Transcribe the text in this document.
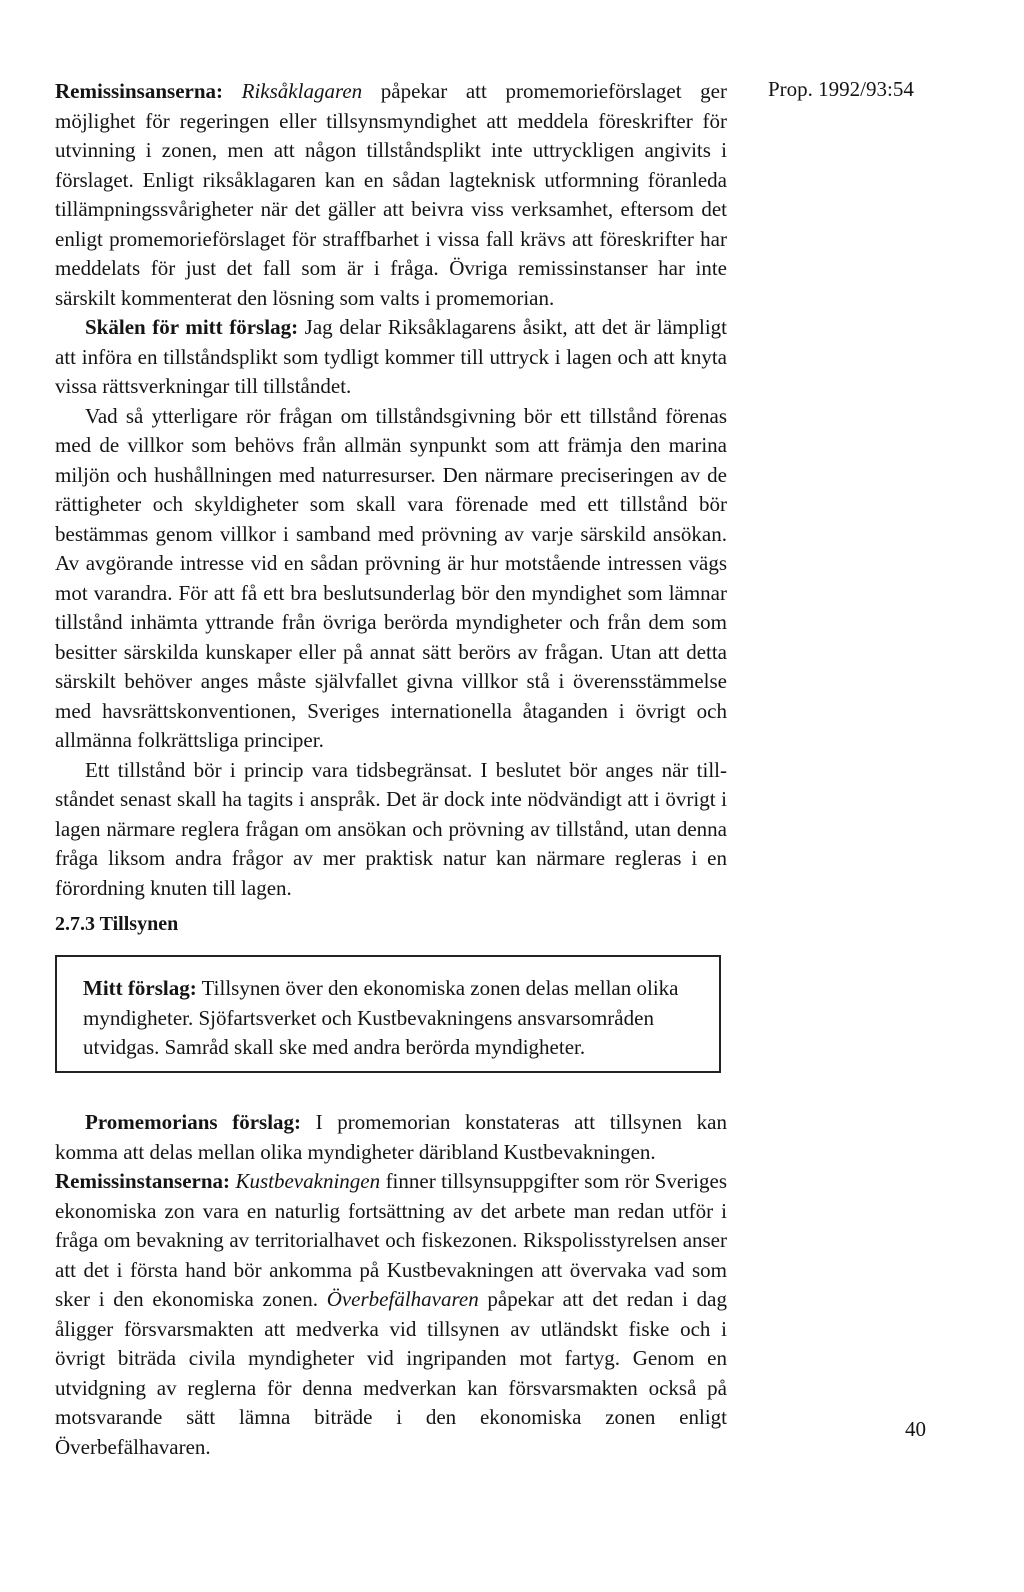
Prop. 1992/93:54

Remissinsanserna: Riksåklagaren påpekar att promemorieförslaget ger möjlighet för regeringen eller tillsynsmyndighet att meddela föreskrifter för utvinning i zonen, men att någon tillståndsplikt inte uttryckligen angivits i förslaget. Enligt riksåklagaren kan en sådan lagteknisk utformning föranleda tillämpningssvårigheter när det gäller att beivra viss verksamhet, eftersom det enligt promemorieförslaget för straffbarhet i vissa fall krävs att föreskrifter har meddelats för just det fall som är i fråga. Övriga remissinstanser har inte särskilt kommenterat den lösning som valts i promemorian.

Skälen för mitt förslag: Jag delar Riksåklagarens åsikt, att det är lämpligt att införa en tillståndsplikt som tydligt kommer till uttryck i lagen och att knyta vissa rättsverkningar till tillståndet.

Vad så ytterligare rör frågan om tillståndsgivning bör ett tillstånd förenas med de villkor som behövs från allmän synpunkt som att främja den marina miljön och hushållningen med naturresurser. Den närmare preciseringen av de rättigheter och skyldigheter som skall vara förenade med ett tillstånd bör bestämmas genom villkor i samband med prövning av varje särskild ansökan. Av avgörande intresse vid en sådan prövning är hur motstående intressen vägs mot varandra. För att få ett bra beslutsunderlag bör den myndighet som lämnar tillstånd inhämta yttrande från övriga berörda myndigheter och från dem som besitter särskilda kunskaper eller på annat sätt berörs av frågan. Utan att detta särskilt behöver anges måste självfallet givna villkor stå i överensstämmelse med havsrättskonventionen, Sveriges internationella åtaganden i övrigt och allmänna folkrättsliga principer.

Ett tillstånd bör i princip vara tidsbegränsat. I beslutet bör anges när tillståndet senast skall ha tagits i anspråk. Det är dock inte nödvändigt att i övrigt i lagen närmare reglera frågan om ansökan och prövning av tillstånd, utan denna fråga liksom andra frågor av mer praktisk natur kan närmare regleras i en förordning knuten till lagen.

2.7.3 Tillsynen

Mitt förslag: Tillsynen över den ekonomiska zonen delas mellan olika myndigheter. Sjöfartsverket och Kustbevakningens ansvarsområden utvidgas. Samråd skall ske med andra berörda myndigheter.

Promemorians förslag: I promemorian konstateras att tillsynen kan komma att delas mellan olika myndigheter däribland Kustbevakningen.

Remissinstanserna: Kustbevakningen finner tillsynsuppgifter som rör Sveriges ekonomiska zon vara en naturlig fortsättning av det arbete man redan utför i fråga om bevakning av territorialhavet och fiskezonen. Rikspolisstyrelsen anser att det i första hand bör ankomma på Kustbevakningen att övervaka vad som sker i den ekonomiska zonen. Överbefälhavaren påpekar att det redan i dag åligger försvarsmakten att medverka vid tillsynen av utländskt fiske och i övrigt biträda civila myndigheter vid ingripanden mot fartyg. Genom en utvidgning av reglerna för denna medverkan kan försvarsmakten också på motsvarande sätt lämna biträde i den ekonomiska zonen enligt Överbefälhavaren.

40
